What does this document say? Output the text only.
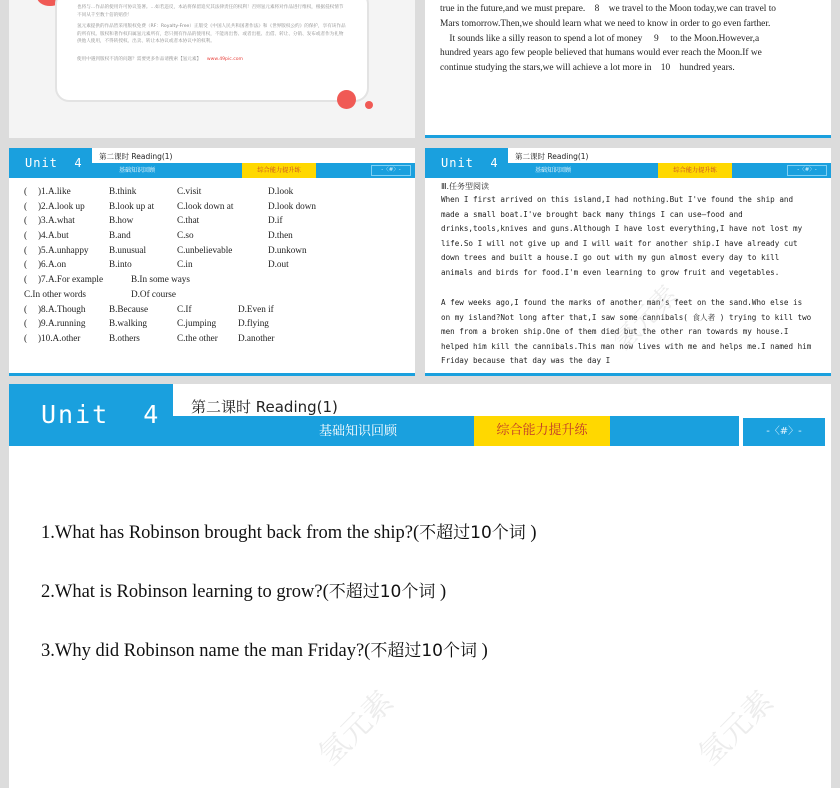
也将与…作品的使用许可协议签署。…如若违反，本站将保留追究其法律责任的权利！否则氢元素将对作品进行维权，根据侵权情节不同从千至数十倍的赔偿！

氢元素提供的作品皆采用版权免费（RF：Royalty-Free）正版受《中国人民共和国著作法》和《世界版权公约》的保护，享有该作品的所有权。版权和著作权归属氢元素所有，您只拥有作品的使用权，不能再出售、或者出租、出借、转让、分销、发布或者作为礼物供他人使用，不得转授权、出卖、转让本协议或者本协议中的权利。

使用中遇到版权不清的问题？需要更多作品请搜索【氢元素】 www.49pic.com

true in the future,and we must prepare.    8    we travel to the Moon today,we can travel to
Mars tomorrow.Then,we should learn what we need to know in order to go even farther.
It sounds like a silly reason to spend a lot of money     9     to the Moon.However,a
hundred years ago few people believed that humans would ever reach the Moon.If we
continue studying the stars,we will achieve a lot more in    10    hundred years.
基础知识回顾	综合能力提升练	-〈#〉-
Unit  4	第二课时 Reading(1)
( )1.A.like	B.think	C.visit	D.look
( )2.A.look up	B.look up at C.look down at	D.look down
( )3.A.what	B.how	C.that	D.if
( )4.A.but	B.and	C.so	D.then
( )5.A.unhappy B.unusual	C.unbelievable	D.unkown
( )6.A.on	B.into	C.in	D.out
( )7.A.For example	B.In some ways
C.In other words	D.Of course
( )8.A.Though	B.Because	C.If	D.Even if
( )9.A.running	B.walking	C.jumping D.flying
( )10.A.other	B.others	C.the other D.another
基础知识回顾	综合能力提升练	-〈#〉-
Unit  4	第二课时 Reading(1)
Ⅲ.任务型阅读
When I first arrived on this island,I had nothing.But I've found the ship and made a small boat.I've brought back many things I can use—food and drinks,tools,knives and guns.Although I have lost everything,I have not lost my life.So I will not give up and I will wait for another ship.I have already cut down trees and built a house.I go out with my gun almost every day to kill animals and birds for food.I'm even learning to grow fruit and vegetables.
A few weeks ago,I found the marks of another man's feet on the sand.Who else is on my island?Not long after that,I saw some cannibals( 食人者 ) trying to kill two men from a broken ship.One of them died but the other ran towards my house.I helped him kill the cannibals.This man now lives with me and helps me.I named him Friday because that day was the day I
氢元素
Unit  4	第二课时 Reading(1)
基础知识回顾	综合能力提升练	-〈#〉-
1.What has Robinson brought back from the ship?(不超过10个词 )
2.What is Robinson learning to grow?(不超过10个词 )
3.Why did Robinson name the man Friday?(不超过10个词 )
氢元素	氢元素
